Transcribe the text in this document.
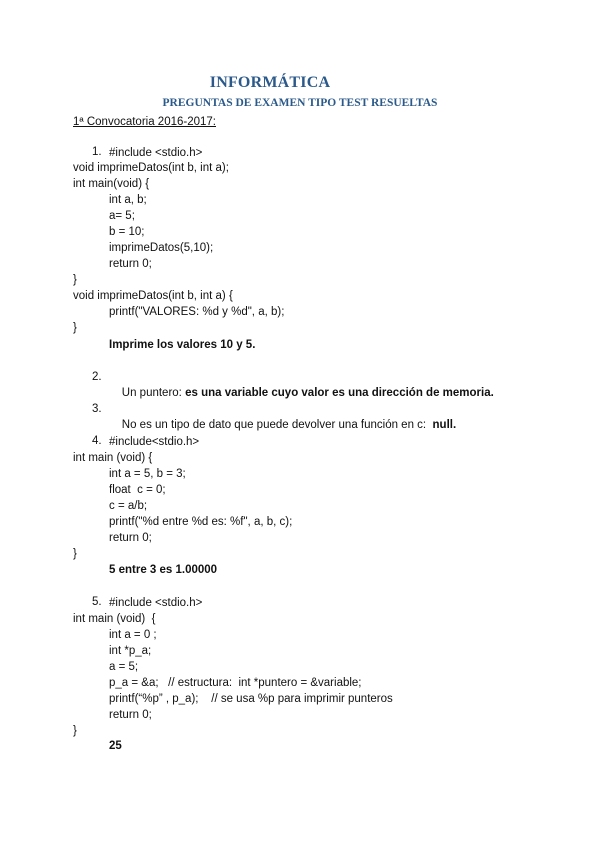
INFORMÁTICA
PREGUNTAS DE EXAMEN TIPO TEST RESUELTAS
1ª Convocatoria 2016-2017:
1. #include <stdio.h>
void imprimeDatos(int b, int a);
int main(void) {
int a, b;
a= 5;
b = 10;
imprimeDatos(5,10);
return 0;
}
void imprimeDatos(int b, int a) {
printf("VALORES: %d y %d", a, b);
}
Imprime los valores 10 y 5.
2.

Un puntero: es una variable cuyo valor es una dirección de memoria.

3.

No es un tipo de dato que puede devolver una función en c:  null.

4. #include<stdio.h>
int main (void) {
int a = 5, b = 3;
float  c = 0;
c = a/b;
printf("%d entre %d es: %f", a, b, c);
return 0;
}
5 entre 3 es 1.00000
5. #include <stdio.h>
int main (void)  {
int a = 0 ;
int *p_a;
a = 5;
p_a = &a;   // estructura:  int *puntero = &variable;
printf(“%p” , p_a);    // se usa %p para imprimir punteros
return 0;
}
25
